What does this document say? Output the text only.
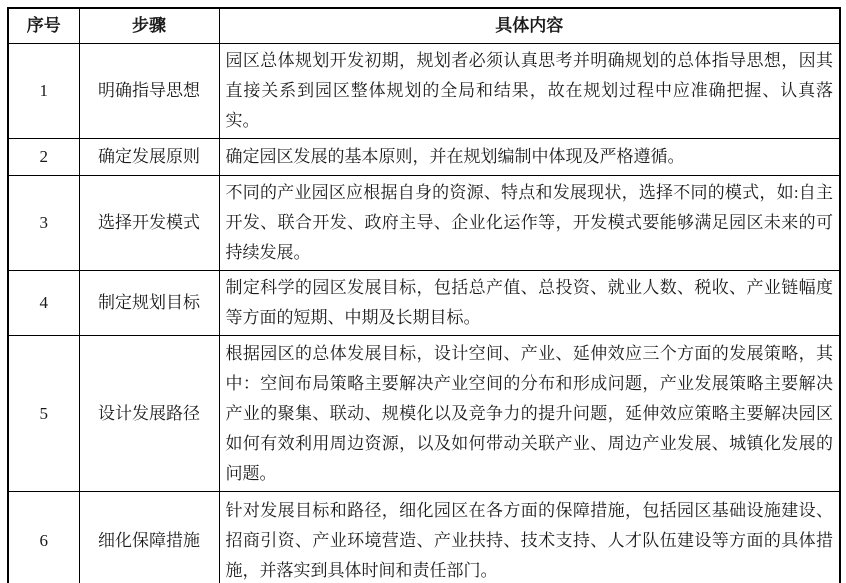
序号	步骤	具体内容
1	明确指导思想	园区总体规划开发初期，规划者必须认真思考并明确规划的总体指导思想，因其直接关系到园区整体规划的全局和结果，故在规划过程中应准确把握、认真落实。
2	确定发展原则	确定园区发展的基本原则，并在规划编制中体现及严格遵循。
3	选择开发模式	不同的产业园区应根据自身的资源、特点和发展现状，选择不同的模式，如:自主开发、联合开发、政府主导、企业化运作等，开发模式要能够满足园区未来的可持续发展。
4	制定规划目标	制定科学的园区发展目标，包括总产值、总投资、就业人数、税收、产业链幅度等方面的短期、中期及长期目标。
5	设计发展路径	根据园区的总体发展目标，设计空间、产业、延伸效应三个方面的发展策略，其中：空间布局策略主要解决产业空间的分布和形成问题，产业发展策略主要解决产业的聚集、联动、规模化以及竞争力的提升问题，延伸效应策略主要解决园区如何有效利用周边资源，以及如何带动关联产业、周边产业发展、城镇化发展的问题。
6	细化保障措施	针对发展目标和路径，细化园区在各方面的保障措施，包括园区基础设施建设、招商引资、产业环境营造、产业扶持、技术支持、人才队伍建设等方面的具体措施，并落实到具体时间和责任部门。
